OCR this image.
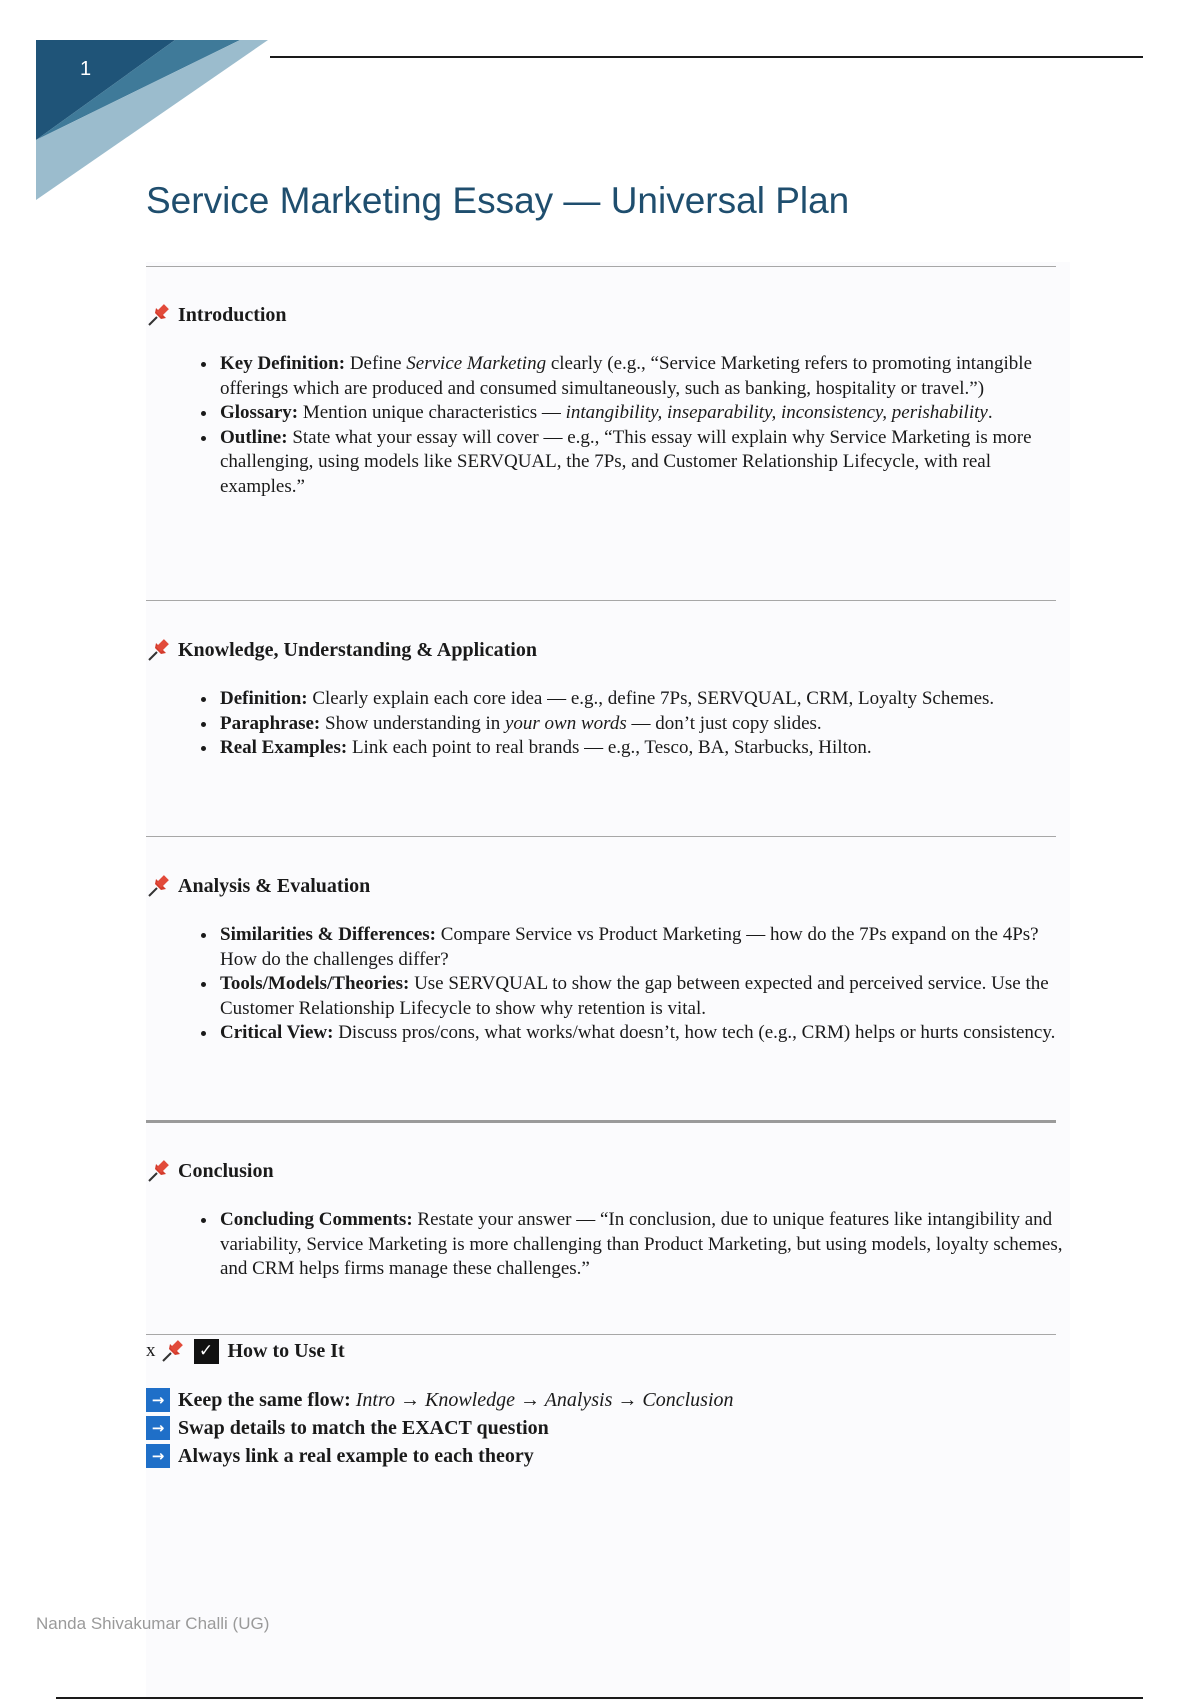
1
Service Marketing Essay — Universal Plan
Introduction
• Key Definition: Define Service Marketing clearly (e.g., “Service Marketing refers to promoting intangible offerings which are produced and consumed simultaneously, such as banking, hospitality or travel.”)
• Glossary: Mention unique characteristics — intangibility, inseparability, inconsistency, perishability.
• Outline: State what your essay will cover — e.g., “This essay will explain why Service Marketing is more challenging, using models like SERVQUAL, the 7Ps, and Customer Relationship Lifecycle, with real examples.”
Knowledge, Understanding & Application
• Definition: Clearly explain each core idea — e.g., define 7Ps, SERVQUAL, CRM, Loyalty Schemes.
• Paraphrase: Show understanding in your own words — don’t just copy slides.
• Real Examples: Link each point to real brands — e.g., Tesco, BA, Starbucks, Hilton.
Analysis & Evaluation
• Similarities & Differences: Compare Service vs Product Marketing — how do the 7Ps expand on the 4Ps? How do the challenges differ?
• Tools/Models/Theories: Use SERVQUAL to show the gap between expected and perceived service. Use the Customer Relationship Lifecycle to show why retention is vital.
• Critical View: Discuss pros/cons, what works/what doesn’t, how tech (e.g., CRM) helps or hurts consistency.
Conclusion
• Concluding Comments: Restate your answer — “In conclusion, due to unique features like intangibility and variability, Service Marketing is more challenging than Product Marketing, but using models, loyalty schemes, and CRM helps firms manage these challenges.”
x	✓ How to Use It
→ Keep the same flow: Intro → Knowledge → Analysis → Conclusion
→ Swap details to match the EXACT question
→ Always link a real example to each theory
Nanda Shivakumar Challi (UG)
